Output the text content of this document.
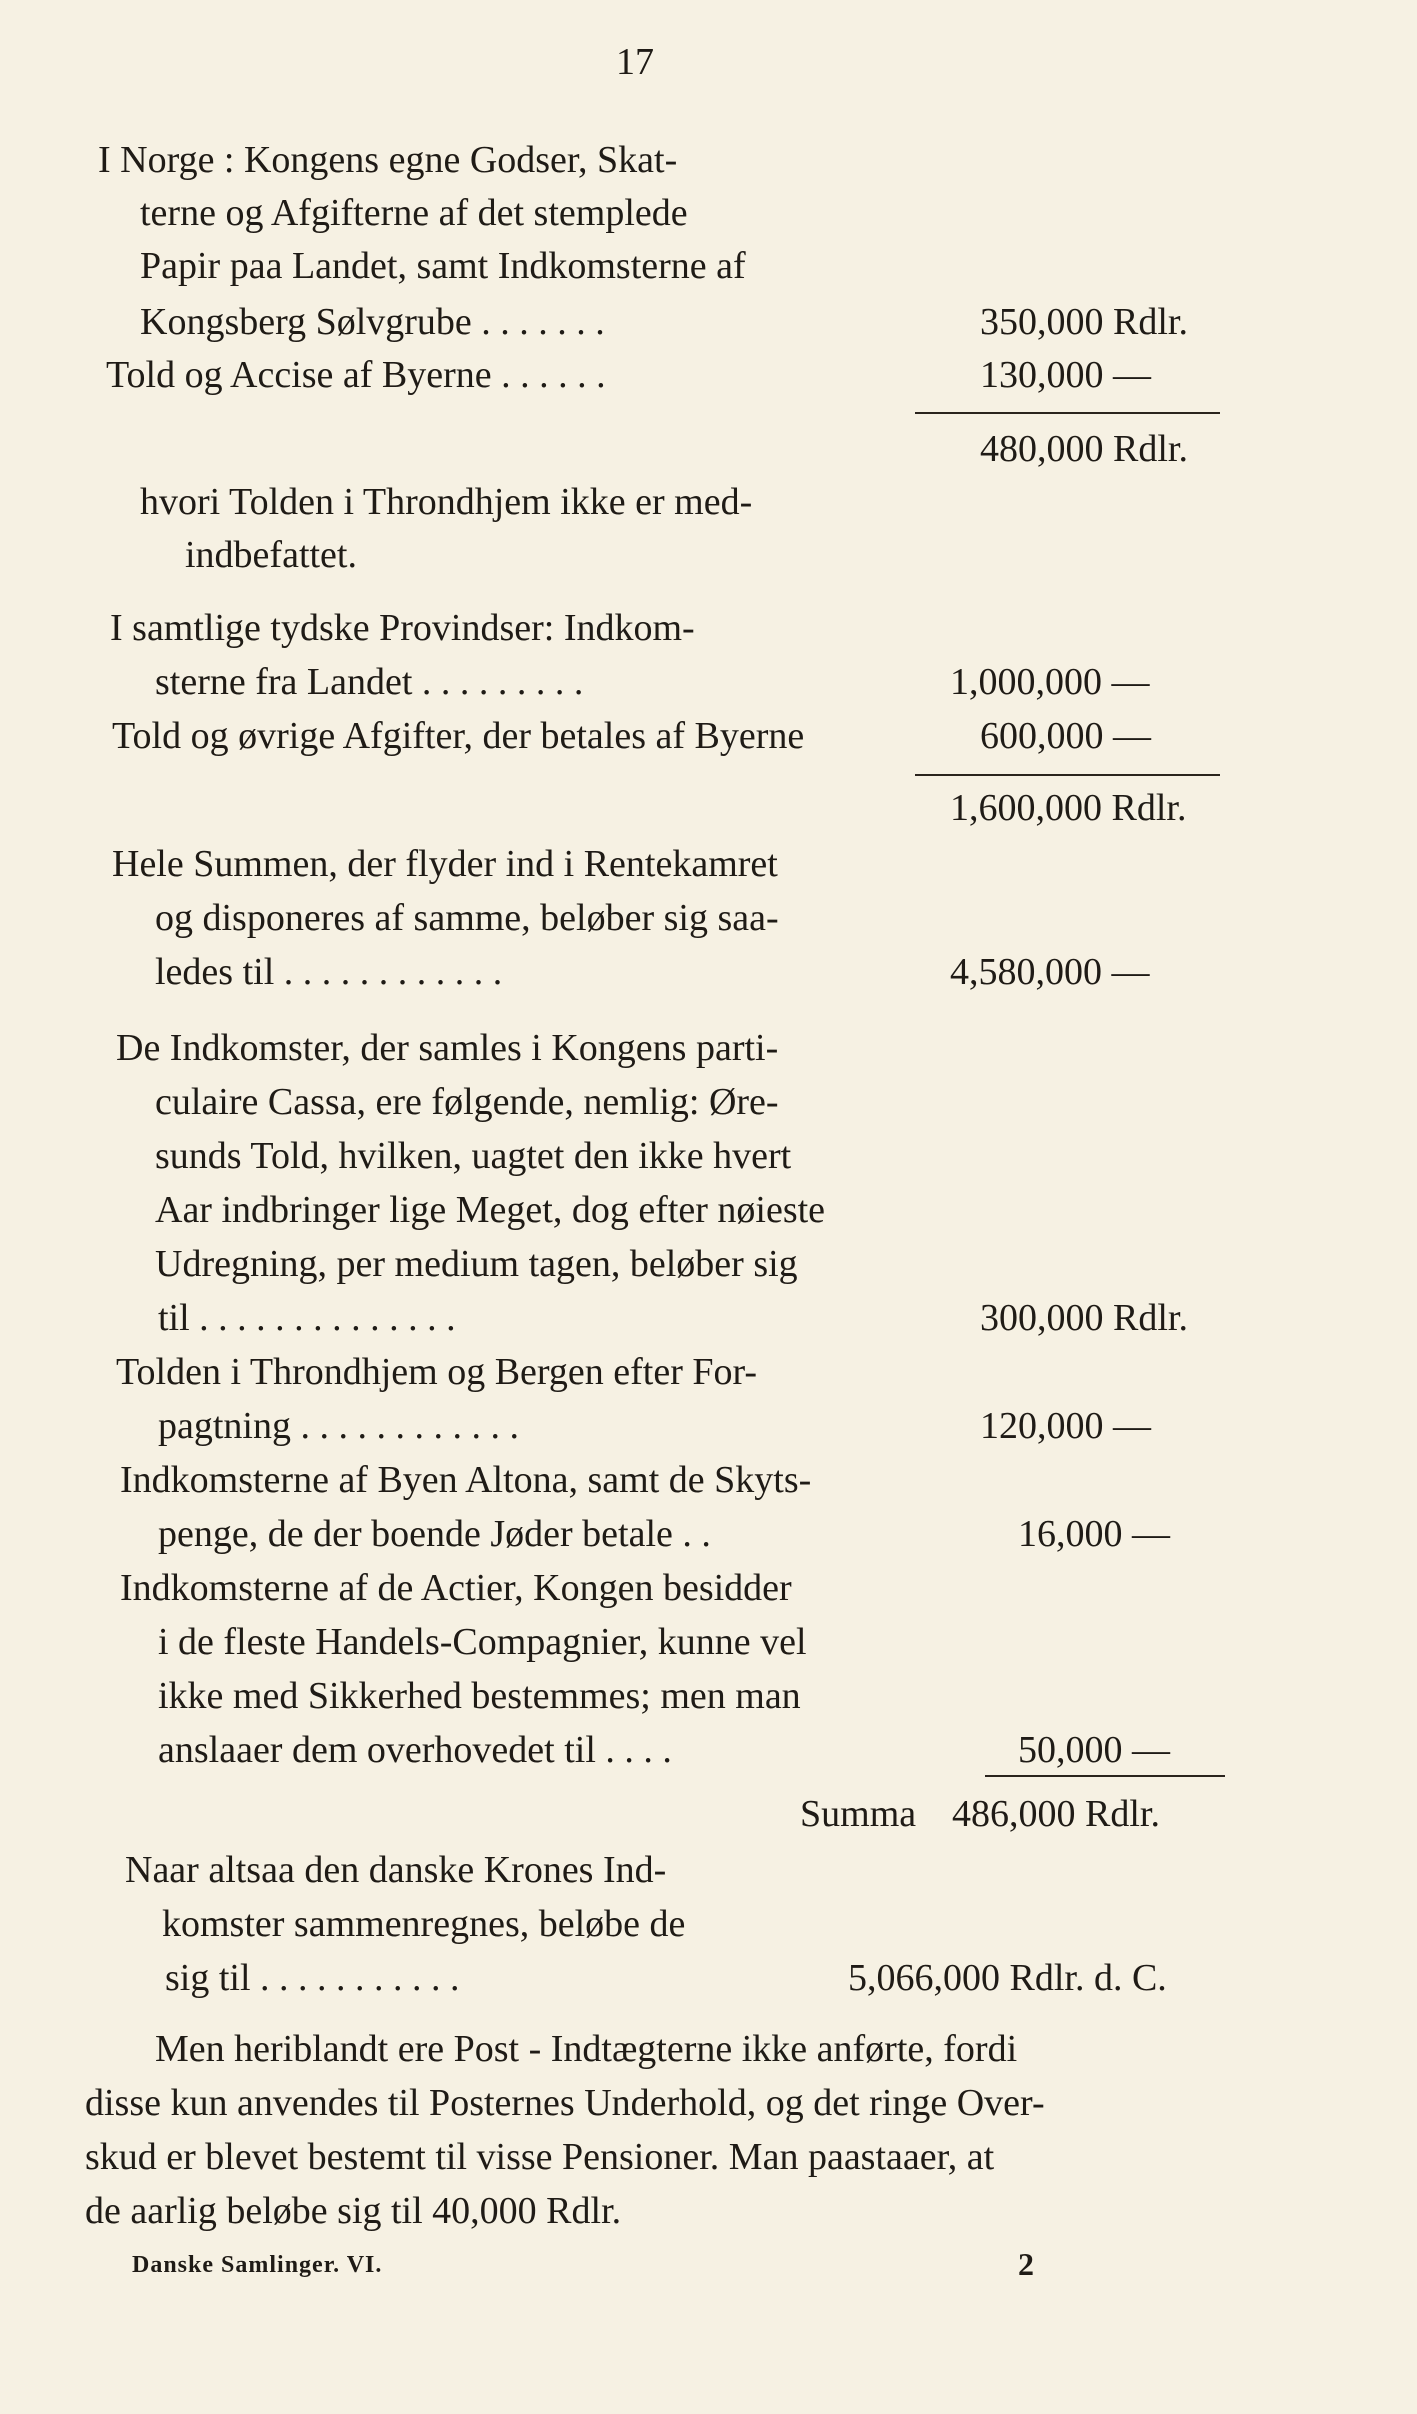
17
I Norge : Kongens egne Godser, Skat-
terne og Afgifterne af det stemplede
Papir paa Landet, samt Indkomsterne af
Kongsberg Sølvgrube . . . . . . .	350,000 Rdlr.
Told og Accise af Byerne . . . . . .	130,000 —
480,000 Rdlr.
hvori Tolden i Throndhjem ikke er med-
indbefattet.
I samtlige tydske Provindser: Indkom-
sterne fra Landet . . . . . . . . .	1,000,000 —
Told og øvrige Afgifter, der betales af Byerne	600,000 —
1,600,000 Rdlr.
Hele Summen, der flyder ind i Rentekamret
og disponeres af samme, beløber sig saa-
ledes til . . . . . . . . . . . .	4,580,000 —
De Indkomster, der samles i Kongens parti-
culaire Cassa, ere følgende, nemlig: Øre-
sunds Told, hvilken, uagtet den ikke hvert
Aar indbringer lige Meget, dog efter nøieste
Udregning, per medium tagen, beløber sig
til . . . . . . . . . . . . . .	300,000 Rdlr.
Tolden i Throndhjem og Bergen efter For-
pagtning . . . . . . . . . . . .	120,000 —
Indkomsterne af Byen Altona, samt de Skyts-
penge, de der boende Jøder betale . .	16,000 —
Indkomsterne af de Actier, Kongen besidder
i de fleste Handels-Compagnier, kunne vel
ikke med Sikkerhed bestemmes; men man
anslaaer dem overhovedet til . . . .	50,000 —
Summa 486,000 Rdlr.
Naar altsaa den danske Krones Ind-
komster sammenregnes, beløbe de
sig til . . . . . . . . . . .	5,066,000 Rdlr. d. C.
Men heriblandt ere Post - Indtægterne ikke anførte, fordi
disse kun anvendes til Posternes Underhold, og det ringe Over-
skud er blevet bestemt til visse Pensioner. Man paastaaer, at
de aarlig beløbe sig til 40,000 Rdlr.
Danske Samlinger. VI.	2
